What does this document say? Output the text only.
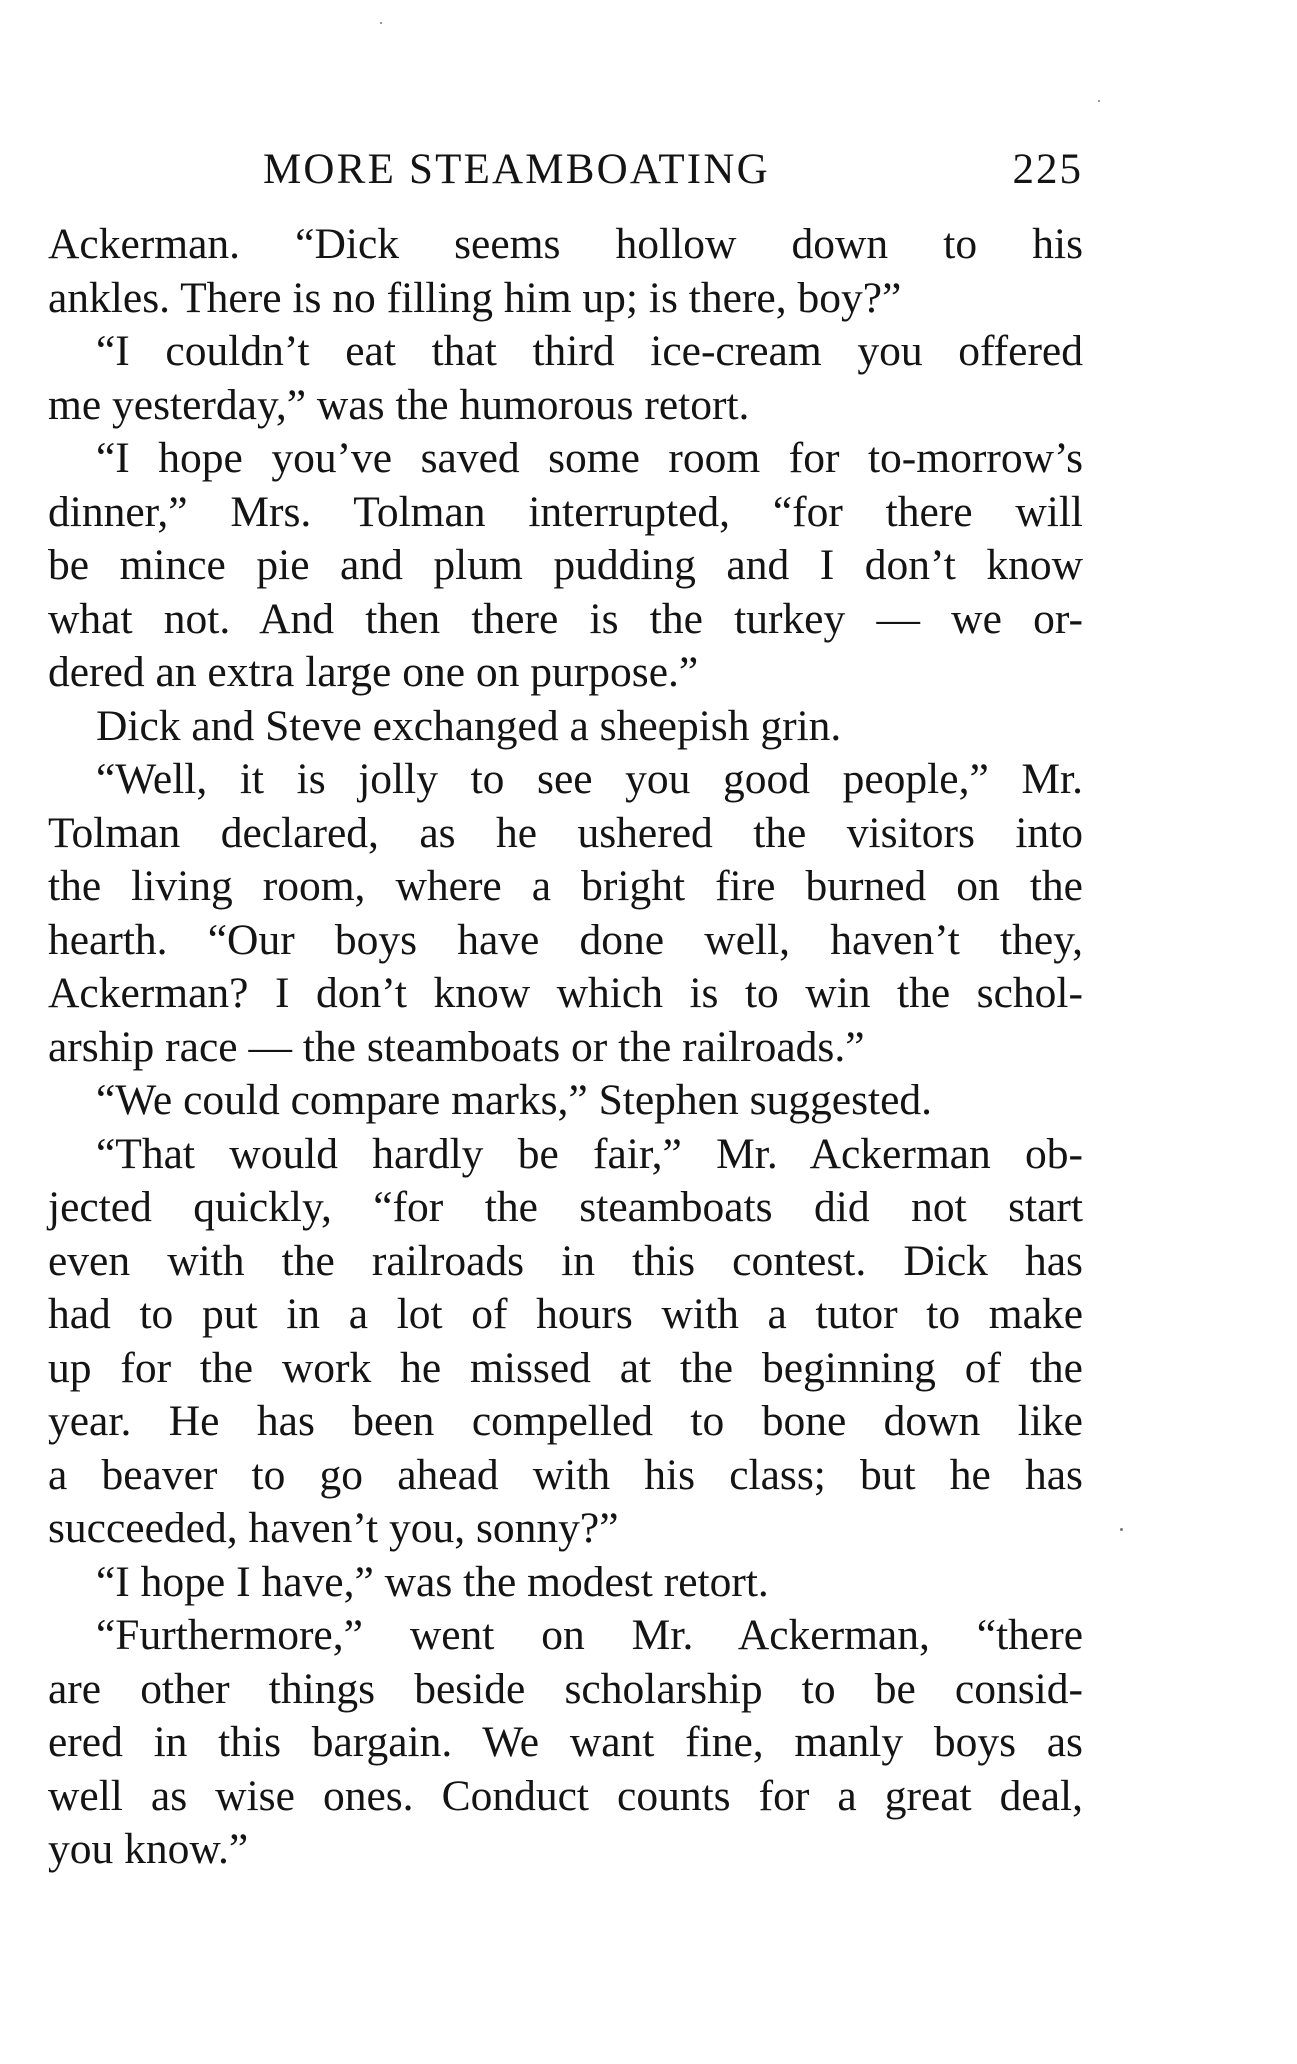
MORE STEAMBOATING	225
Ackerman. “Dick seems hollow down to his
ankles. There is no filling him up; is there, boy?”
“I couldn’t eat that third ice-cream you offered
me yesterday,” was the humorous retort.
“I hope you’ve saved some room for to-morrow’s
dinner,” Mrs. Tolman interrupted, “for there will
be mince pie and plum pudding and I don’t know
what not. And then there is the turkey — we or-
dered an extra large one on purpose.”
Dick and Steve exchanged a sheepish grin.
“Well, it is jolly to see you good people,” Mr.
Tolman declared, as he ushered the visitors into
the living room, where a bright fire burned on the
hearth. “Our boys have done well, haven’t they,
Ackerman? I don’t know which is to win the schol-
arship race — the steamboats or the railroads.”
“We could compare marks,” Stephen suggested.
“That would hardly be fair,” Mr. Ackerman ob-
jected quickly, “for the steamboats did not start
even with the railroads in this contest. Dick has
had to put in a lot of hours with a tutor to make
up for the work he missed at the beginning of the
year. He has been compelled to bone down like
a beaver to go ahead with his class; but he has
succeeded, haven’t you, sonny?”
“I hope I have,” was the modest retort.
“Furthermore,” went on Mr. Ackerman, “there
are other things beside scholarship to be consid-
ered in this bargain. We want fine, manly boys as
well as wise ones. Conduct counts for a great deal,
you know.”
